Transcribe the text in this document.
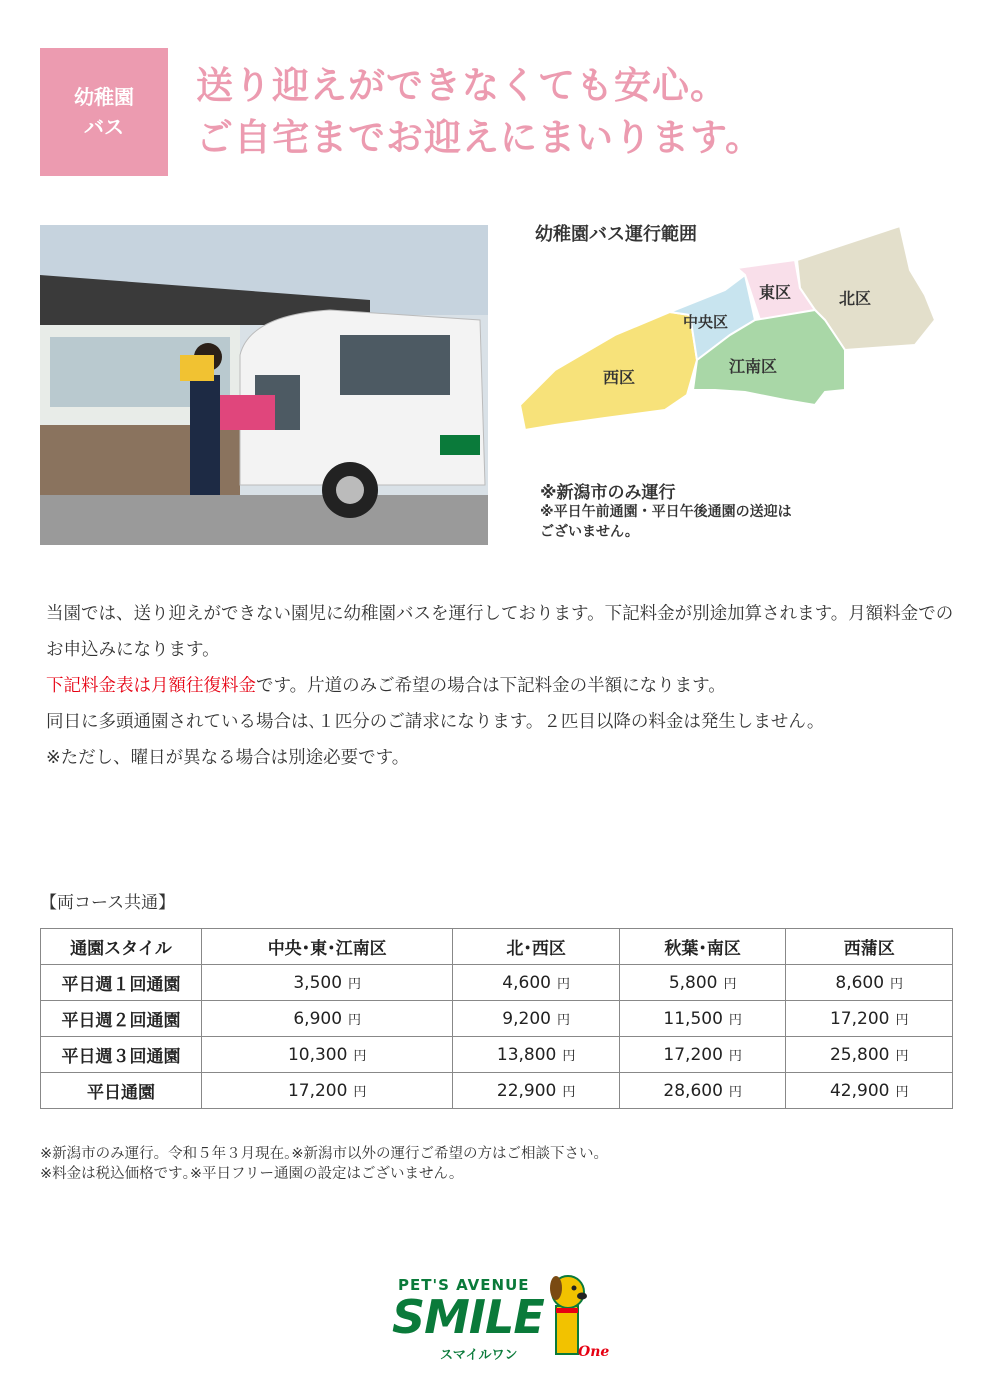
幼稚園
バス
送り迎えができなくても安心。
ご自宅までお迎えにまいります。
幼稚園バス運行範囲
西区
中央区
東区	北区
江南区
※新潟市のみ運行
※平日午前通園・平日午後通園の送迎は
ございません。
当園では、送り迎えができない園児に幼稚園バスを運行しております。下記料金が別途加算されます。月額料金でのお申込みになります。
下記料金表は月額往復料金です。片道のみご希望の場合は下記料金の半額になります。
同日に多頭通園されている場合は､１匹分のご請求になります。２匹目以降の料金は発生しません。
※ただし、曜日が異なる場合は別途必要です。
【両コース共通】
通園スタイル	中央･東･江南区	北･西区	秋葉･南区	西蒲区
平日週１回通園	3,500 円	4,600 円	5,800 円	8,600 円
平日週２回通園	6,900 円	9,200 円	11,500 円	17,200 円
平日週３回通園	10,300 円	13,800 円	17,200 円	25,800 円
平日通園	17,200 円	22,900 円	28,600 円	42,900 円
※新潟市のみ運行。令和５年３月現在｡※新潟市以外の運行ご希望の方はご相談下さい。
※料金は税込価格です｡※平日フリー通園の設定はございません。
PET'S AVENUE
SMILE
スマイルワン	One
